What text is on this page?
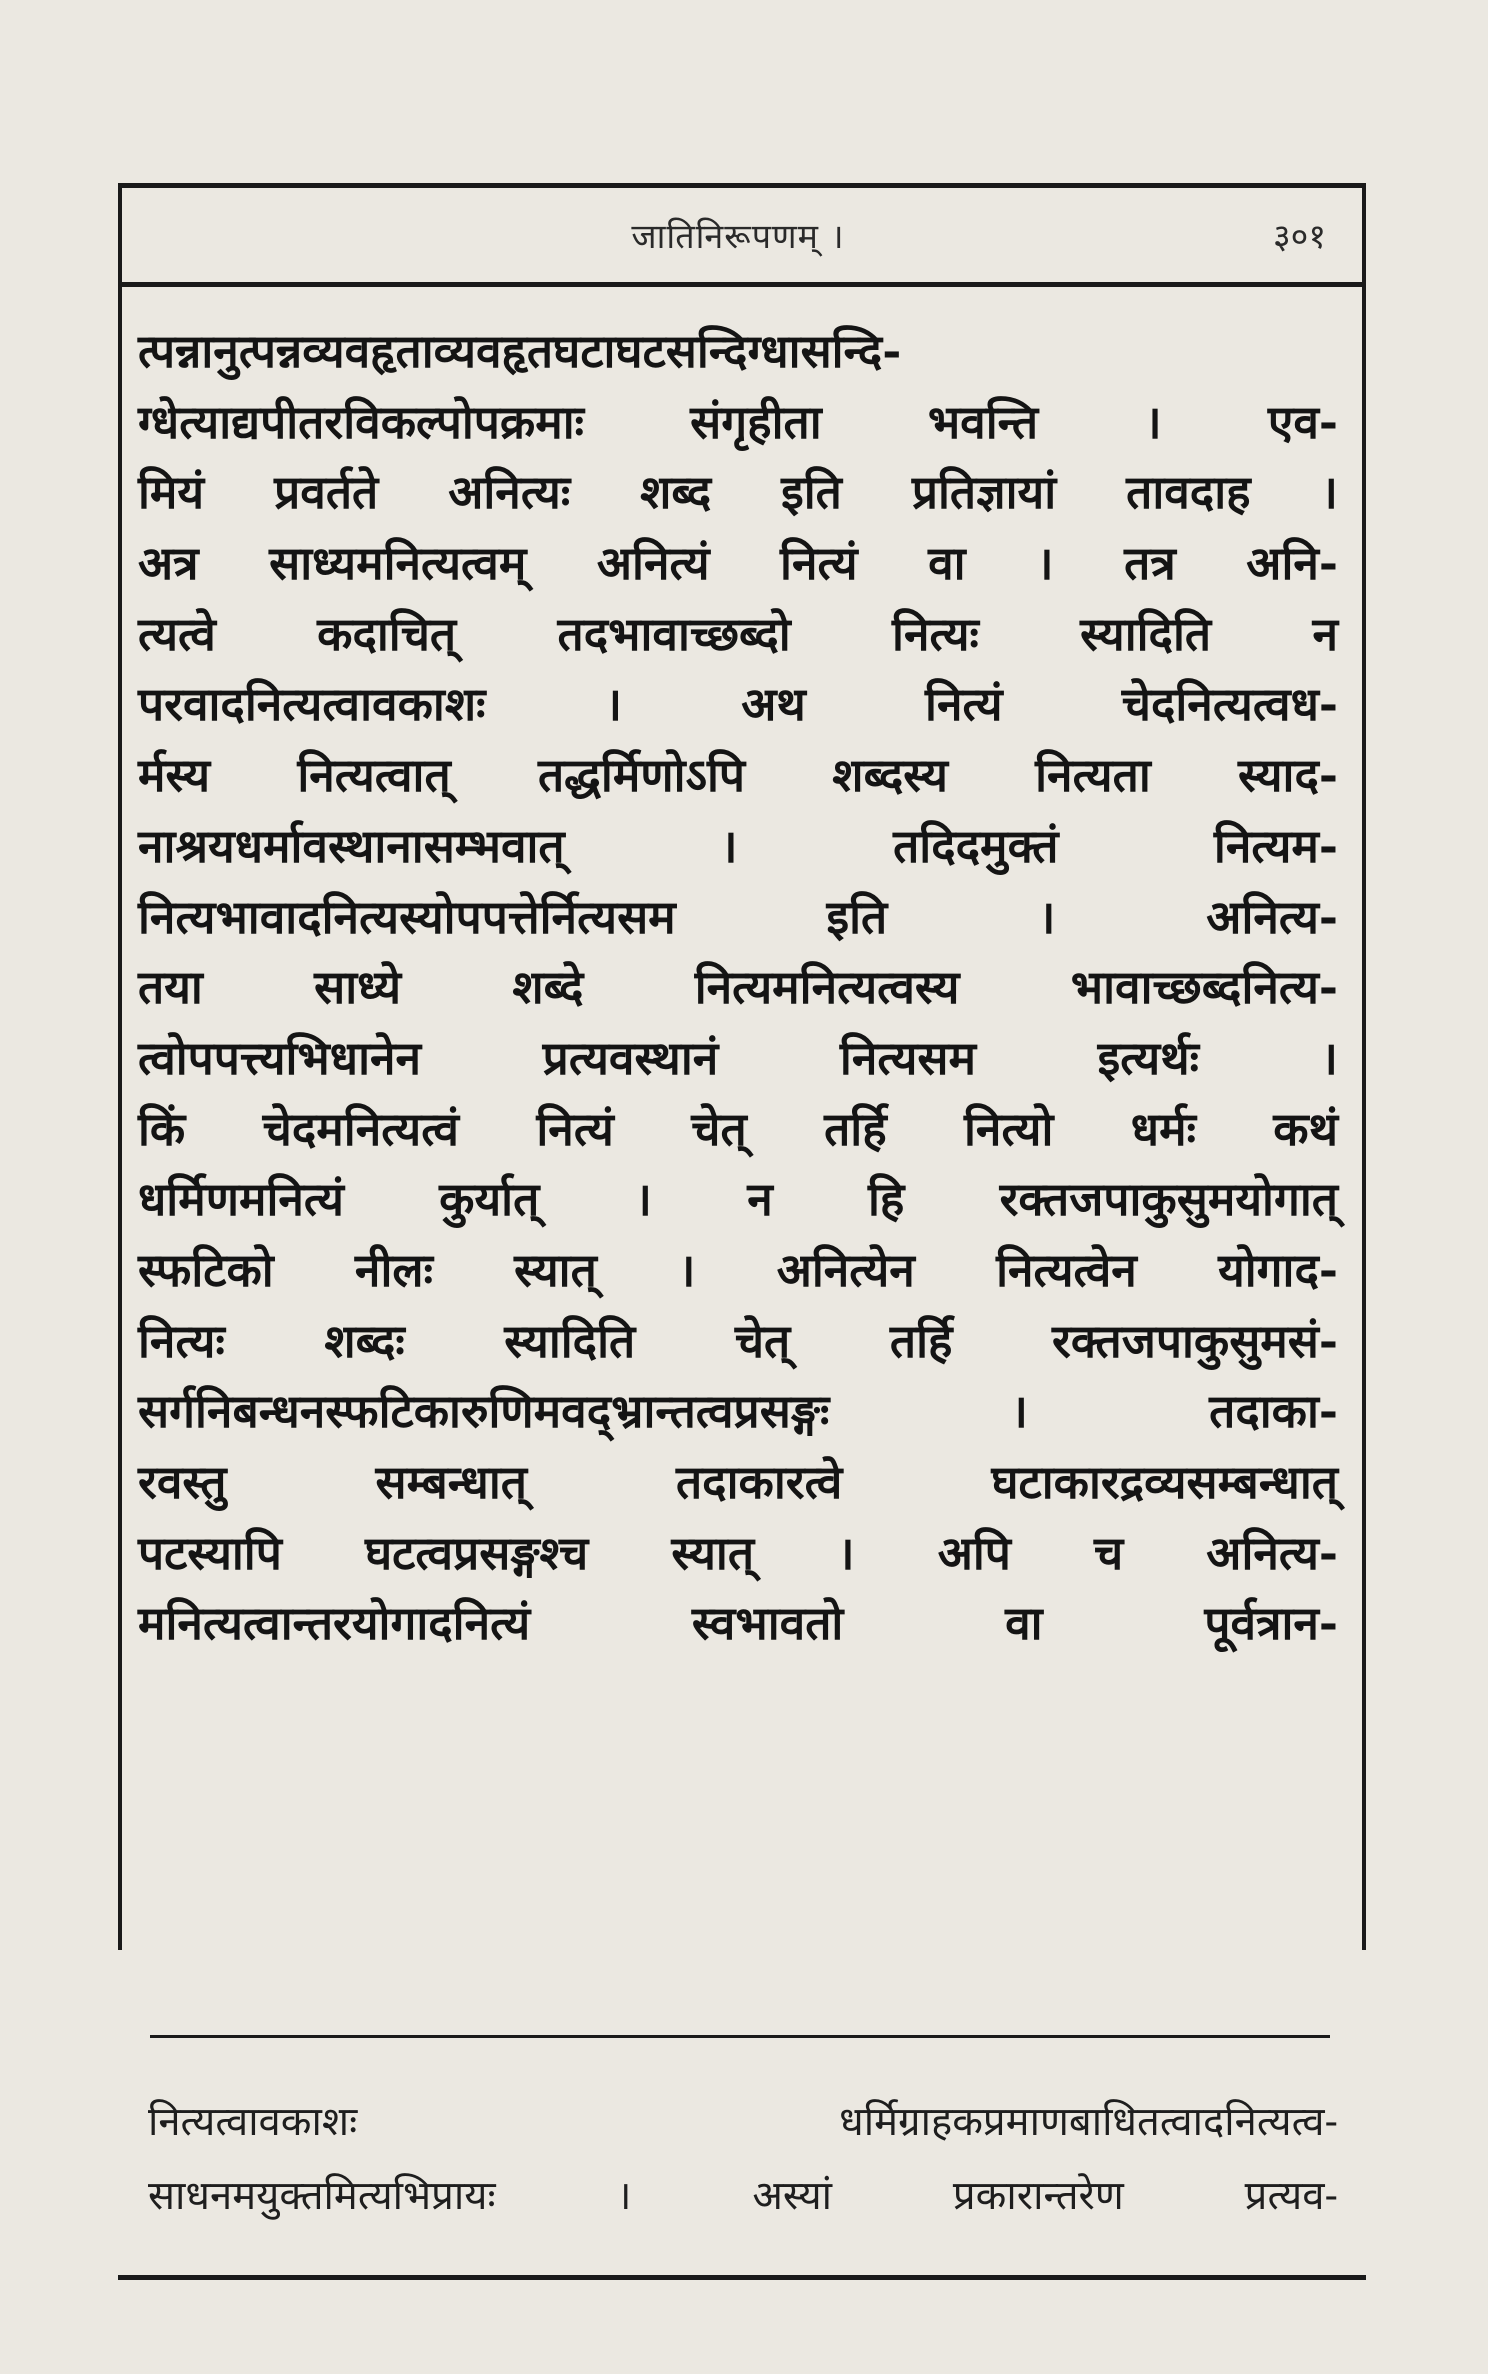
जातिनिरूपणम् ।	३०१
त्पन्नानुत्पन्नव्यवहृताव्यवहृतघटाघटसन्दिग्धासन्दि-
ग्धेत्याद्यपीतरविकल्पोपक्रमाः संगृहीता भवन्ति । एव-
मियं प्रवर्तते अनित्यः शब्द इति प्रतिज्ञायां तावदाह ।
अत्र साध्यमनित्यत्वम् अनित्यं नित्यं वा । तत्र अनि-
त्यत्वे कदाचित् तदभावाच्छब्दो नित्यः स्यादिति न
परवादनित्यत्वावकाशः । अथ नित्यं चेदनित्यत्वध-
र्मस्य नित्यत्वात् तद्धर्मिणोऽपि शब्दस्य नित्यता स्याद-
नाश्रयधर्मावस्थानासम्भवात् । तदिदमुक्तं नित्यम-
नित्यभावादनित्यस्योपपत्तेर्नित्यसम इति । अनित्य-
तया साध्ये शब्दे नित्यमनित्यत्वस्य भावाच्छब्दनित्य-
त्वोपपत्त्यभिधानेन प्रत्यवस्थानं नित्यसम इत्यर्थः ।
किं चेदमनित्यत्वं नित्यं चेत् तर्हि नित्यो धर्मः कथं
धर्मिणमनित्यं कुर्यात् । न हि रक्तजपाकुसुमयोगात्
स्फटिको नीलः स्यात् । अनित्येन नित्यत्वेन योगाद-
नित्यः शब्दः स्यादिति चेत् तर्हि रक्तजपाकुसुमसं-
सर्गनिबन्धनस्फटिकारुणिमवद्भ्रान्तत्वप्रसङ्गः । तदाका-
रवस्तु सम्बन्धात् तदाकारत्वे घटाकारद्रव्यसम्बन्धात्
पटस्यापि घटत्वप्रसङ्गश्च स्यात् । अपि च अनित्य-
मनित्यत्वान्तरयोगादनित्यं स्वभावतो वा पूर्वत्रान-
नित्यत्वावकाशः धर्मिग्राहकप्रमाणबाधितत्वादनित्यत्व-
साधनमयुक्तमित्यभिप्रायः । अस्यां प्रकारान्तरेण प्रत्यव-
